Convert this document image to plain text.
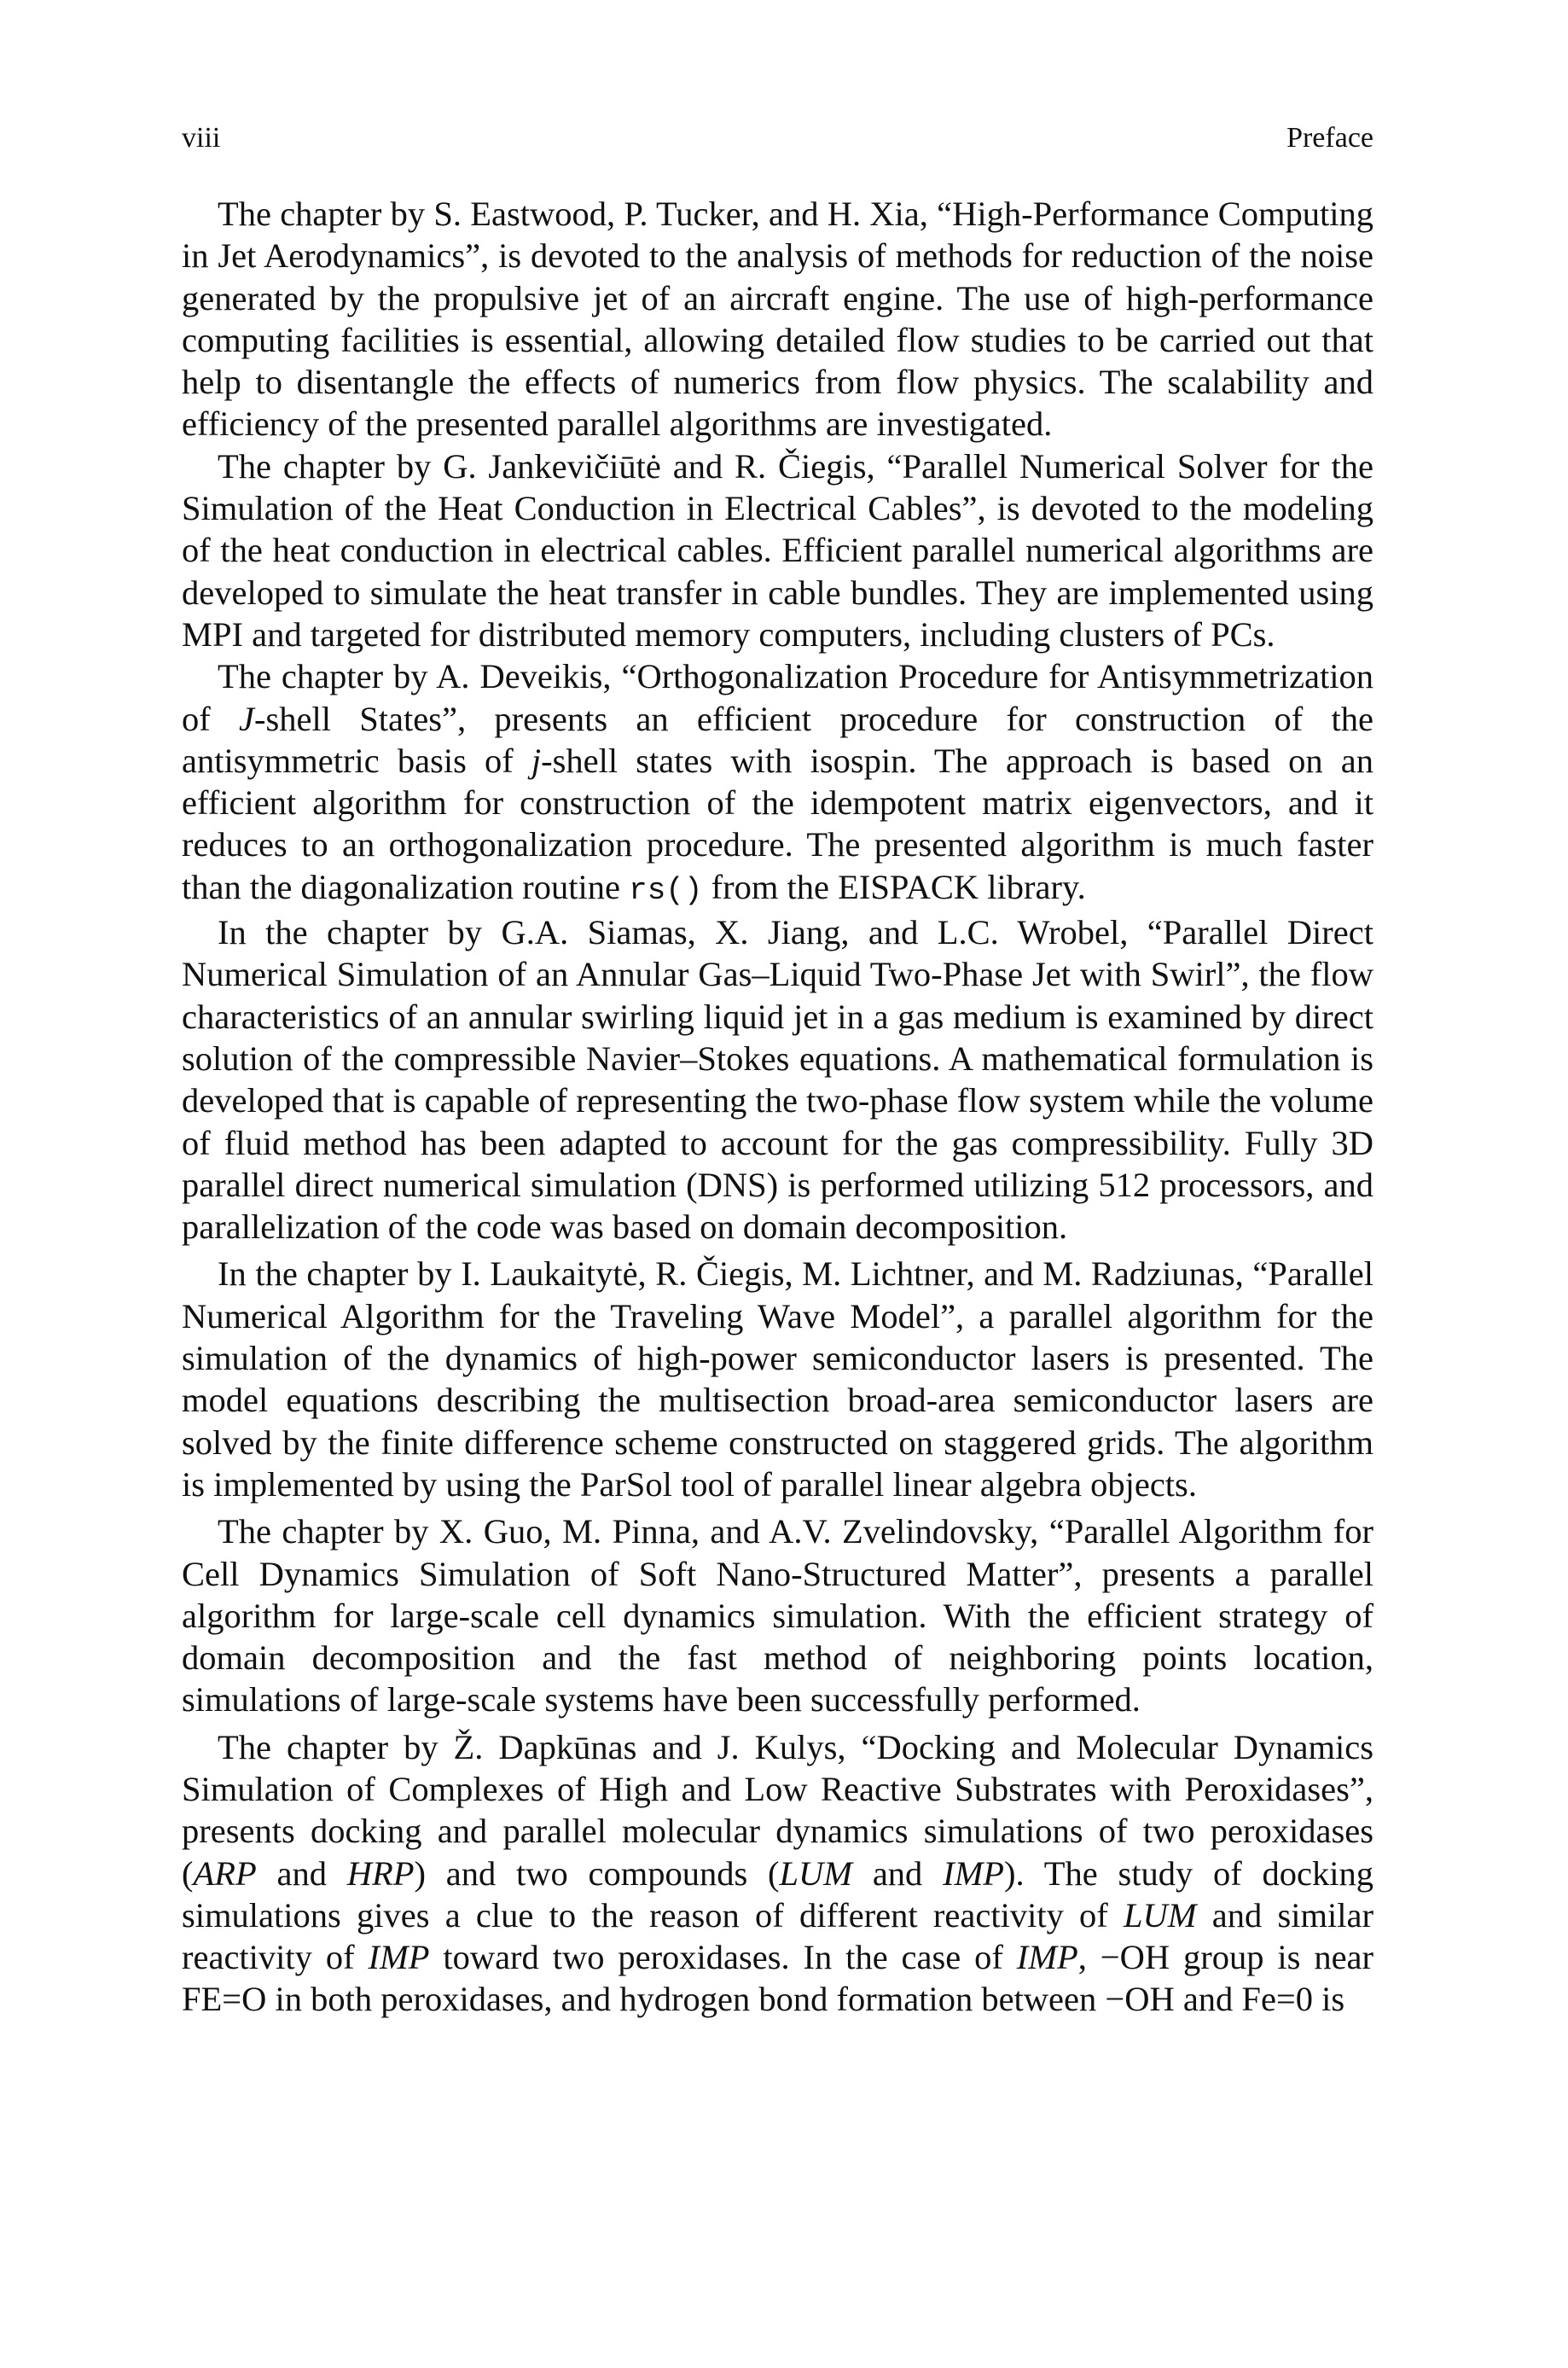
viii	Preface

The chapter by S. Eastwood, P. Tucker, and H. Xia, “High-Performance Computing in Jet Aerodynamics”, is devoted to the analysis of methods for reduction of the noise generated by the propulsive jet of an aircraft engine. The use of high-performance computing facilities is essential, allowing detailed flow studies to be carried out that help to disentangle the effects of numerics from flow physics. The scalability and efficiency of the presented parallel algorithms are investigated.

The chapter by G. Jankevičiūtė and R. Čiegis, “Parallel Numerical Solver for the Simulation of the Heat Conduction in Electrical Cables”, is devoted to the modeling of the heat conduction in electrical cables. Efficient parallel numerical algorithms are developed to simulate the heat transfer in cable bundles. They are implemented using MPI and targeted for distributed memory computers, including clusters of PCs.

The chapter by A. Deveikis, “Orthogonalization Procedure for Antisymmetrization of J-shell States”, presents an efficient procedure for construction of the antisymmetric basis of j-shell states with isospin. The approach is based on an efficient algorithm for construction of the idempotent matrix eigenvectors, and it reduces to an orthogonalization procedure. The presented algorithm is much faster than the diagonalization routine rs() from the EISPACK library.

In the chapter by G.A. Siamas, X. Jiang, and L.C. Wrobel, “Parallel Direct Numerical Simulation of an Annular Gas–Liquid Two-Phase Jet with Swirl”, the flow characteristics of an annular swirling liquid jet in a gas medium is examined by direct solution of the compressible Navier–Stokes equations. A mathematical formulation is developed that is capable of representing the two-phase flow system while the volume of fluid method has been adapted to account for the gas compressibility. Fully 3D parallel direct numerical simulation (DNS) is performed utilizing 512 processors, and parallelization of the code was based on domain decomposition.

In the chapter by I. Laukaitytė, R. Čiegis, M. Lichtner, and M. Radziunas, “Parallel Numerical Algorithm for the Traveling Wave Model”, a parallel algorithm for the simulation of the dynamics of high-power semiconductor lasers is presented. The model equations describing the multisection broad-area semiconductor lasers are solved by the finite difference scheme constructed on staggered grids. The algorithm is implemented by using the ParSol tool of parallel linear algebra objects.

The chapter by X. Guo, M. Pinna, and A.V. Zvelindovsky, “Parallel Algorithm for Cell Dynamics Simulation of Soft Nano-Structured Matter”, presents a parallel algorithm for large-scale cell dynamics simulation. With the efficient strategy of domain decomposition and the fast method of neighboring points location, simulations of large-scale systems have been successfully performed.

The chapter by Ž. Dapkūnas and J. Kulys, “Docking and Molecular Dynamics Simulation of Complexes of High and Low Reactive Substrates with Peroxidases”, presents docking and parallel molecular dynamics simulations of two peroxidases (ARP and HRP) and two compounds (LUM and IMP). The study of docking simulations gives a clue to the reason of different reactivity of LUM and similar reactivity of IMP toward two peroxidases. In the case of IMP, −OH group is near FE=O in both peroxidases, and hydrogen bond formation between −OH and Fe=0 is
